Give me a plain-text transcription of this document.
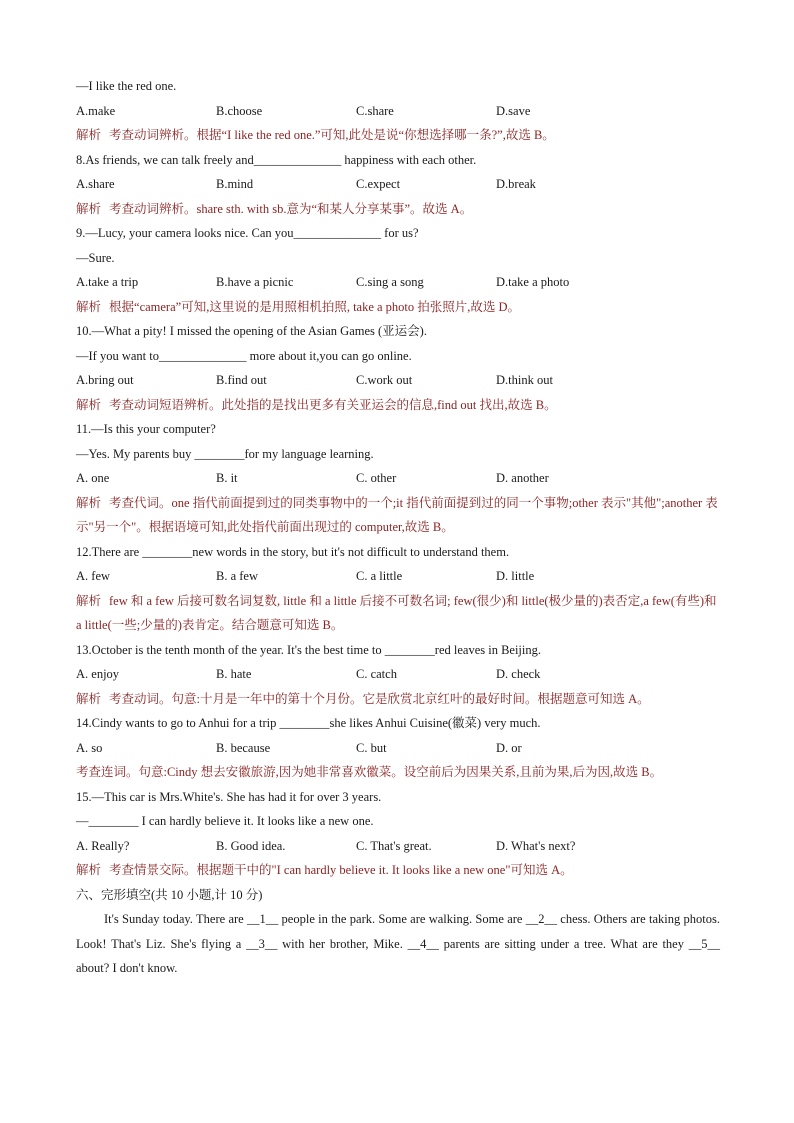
—I like the red one.
A.make	B.choose	C.share	D.save
解析 考查动词辨析。根据“I like the red one.”可知,此处是说“你想选择哪一条?”,故选 B。
8.As friends, we can talk freely and______________ happiness with each other.
A.share	B.mind	C.expect	D.break
解析 考查动词辨析。share sth. with sb.意为“和某人分享某事”。故选 A。
9.—Lucy, your camera looks nice. Can you______________ for us?
—Sure.
A.take a trip	B.have a picnic	C.sing a song	D.take a photo
解析 根据“camera”可知,这里说的是用照相机拍照, take a photo 拍张照片,故选 D。
10.—What a pity! I missed the opening of the Asian Games (亚运会).
—If you want to______________ more about it,you can go online.
A.bring out	B.find out	C.work out	D.think out
解析 考查动词短语辨析。此处指的是找出更多有关亚运会的信息,find out 找出,故选 B。
11.—Is this your computer?
—Yes. My parents buy ________for my language learning.
A. one	B. it	C. other	D. another
解析 考查代词。one 指代前面提到过的同类事物中的一个;it 指代前面提到过的同一个事物;other 表示"其他";another 表示"另一个"。根据语境可知,此处指代前面出现过的 computer,故选 B。
12.There are ________new words in the story, but it's not difficult to understand them.
A. few	B. a few	C. a little	D. little
解析 few 和 a few 后接可数名词复数, little 和 a little 后接不可数名词; few(很少)和 little(极少量的)表否定,a few(有些)和 a little(一些;少量的)表肯定。结合题意可知选 B。
13.October is the tenth month of the year. It's the best time to ________red leaves in Beijing.
A. enjoy	B. hate	C. catch	D. check
解析 考查动词。句意:十月是一年中的第十个月份。它是欣赏北京红叶的最好时间。根据题意可知选 A。
14.Cindy wants to go to Anhui for a trip ________she likes Anhui Cuisine(徽菜) very much.
A. so	B. because	C. but	D. or
考查连词。句意:Cindy 想去安徽旅游,因为她非常喜欢徽菜。设空前后为因果关系,且前为果,后为因,故选 B。
15.—This car is Mrs.White's. She has had it for over 3 years.
—________ I can hardly believe it. It looks like a new one.
A. Really?	B. Good idea.	C. That's great.	D. What's next?
解析 考查情景交际。根据题干中的"I can hardly believe it. It looks like a new one"可知选 A。
六、完形填空(共 10 小题,计 10 分)

It's Sunday today. There are __1__ people in the park. Some are walking. Some are __2__ chess. Others are taking photos. Look! That's Liz. She's flying a __3__ with her brother, Mike. __4__ parents are sitting under a tree. What are they __5__ about? I don't know.
